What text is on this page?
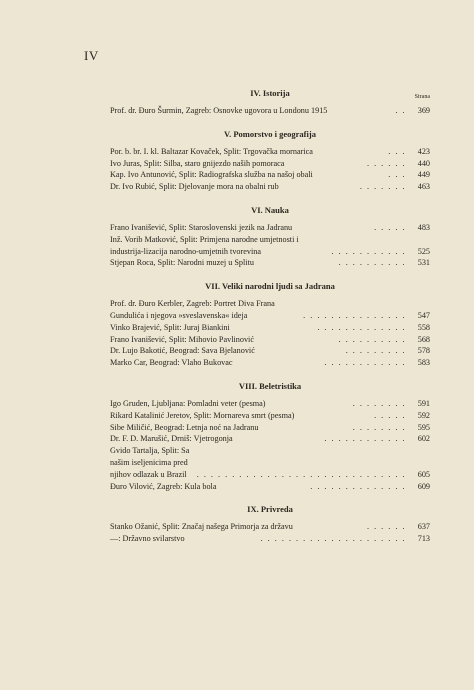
IV
IV. Istorija	Strana
Prof. dr. Đuro Šurmin, Zagreb: Osnovke ugovora u Londonu 1915	. .	369
V. Pomorstvo i geografija
Por. b. br. I. kl. Baltazar Kovaček, Split: Trgovačka mornarica	. . .	423
Ivo Juras, Split: Silba, staro gnijezdo naših pomoraca	. . . . . .	440
Kap. Ivo Antunović, Split: Radiografska služba na našoj obali	. . .	449
Dr. Ivo Rubić, Split: Djelovanje mora na obalni rub	. . . . . . .	463
VI. Nauka
Frano Ivanišević, Split: Staroslovenski jezik na Jadranu	. . . . .	483
Inž. Vorib Matković, Split: Primjena narodne umjetnosti i industrija-lizacija narodno-umjetnih tvorevina	. . . . . . . . . . .	525
Stjepan Roca, Split: Narodni muzej u Splitu	. . . . . . . . . .	531
VII. Veliki narodni ljudi sa Jadrana
Prof. dr. Đuro Kerbler, Zagreb: Portret Diva Frana Gundulića i njegova »sveslavenska« ideja	. . . . . . . . . . . . . . .	547
Vinko Brajević, Split: Juraj Biankini	. . . . . . . . . . . . .	558
Frano Ivanišević, Split: Mihovio Pavlinović	. . . . . . . . . .	568
Dr. Lujo Bakotić, Beograd: Sava Bjelanović	. . . . . . . . .	578
Marko Car, Beograd: Vlaho Bukovac	. . . . . . . . . . . .	583
VIII. Beletristika
Igo Gruden, Ljubljana: Pomladni veter (pesma)	. . . . . . . .	591
Rikard Katalinić Jeretov, Split: Mornareva smrt (pesma)	. . . . .	592
Sibe Miličić, Beograd: Letnja noć na Jadranu	. . . . . . . .	595
Dr. F. D. Marušić, Drniš: Vjetrogonja	. . . . . . . . . . . .	602
Gvido Tartalja, Split: Sa našim iseljenicima pred njihov odlazak u Brazil	. . . . . . . . . . . . . . . . . . . . . . . . . . . . . .	605
Đuro Vilović, Zagreb: Kula bola	. . . . . . . . . . . . . .	609
IX. Privreda
Stanko Ožanić, Split: Značaj našega Primorja za državu	. . . . . .	637
—: Državno svilarstvo	. . . . . . . . . . . . . . . . . . . . .	713
